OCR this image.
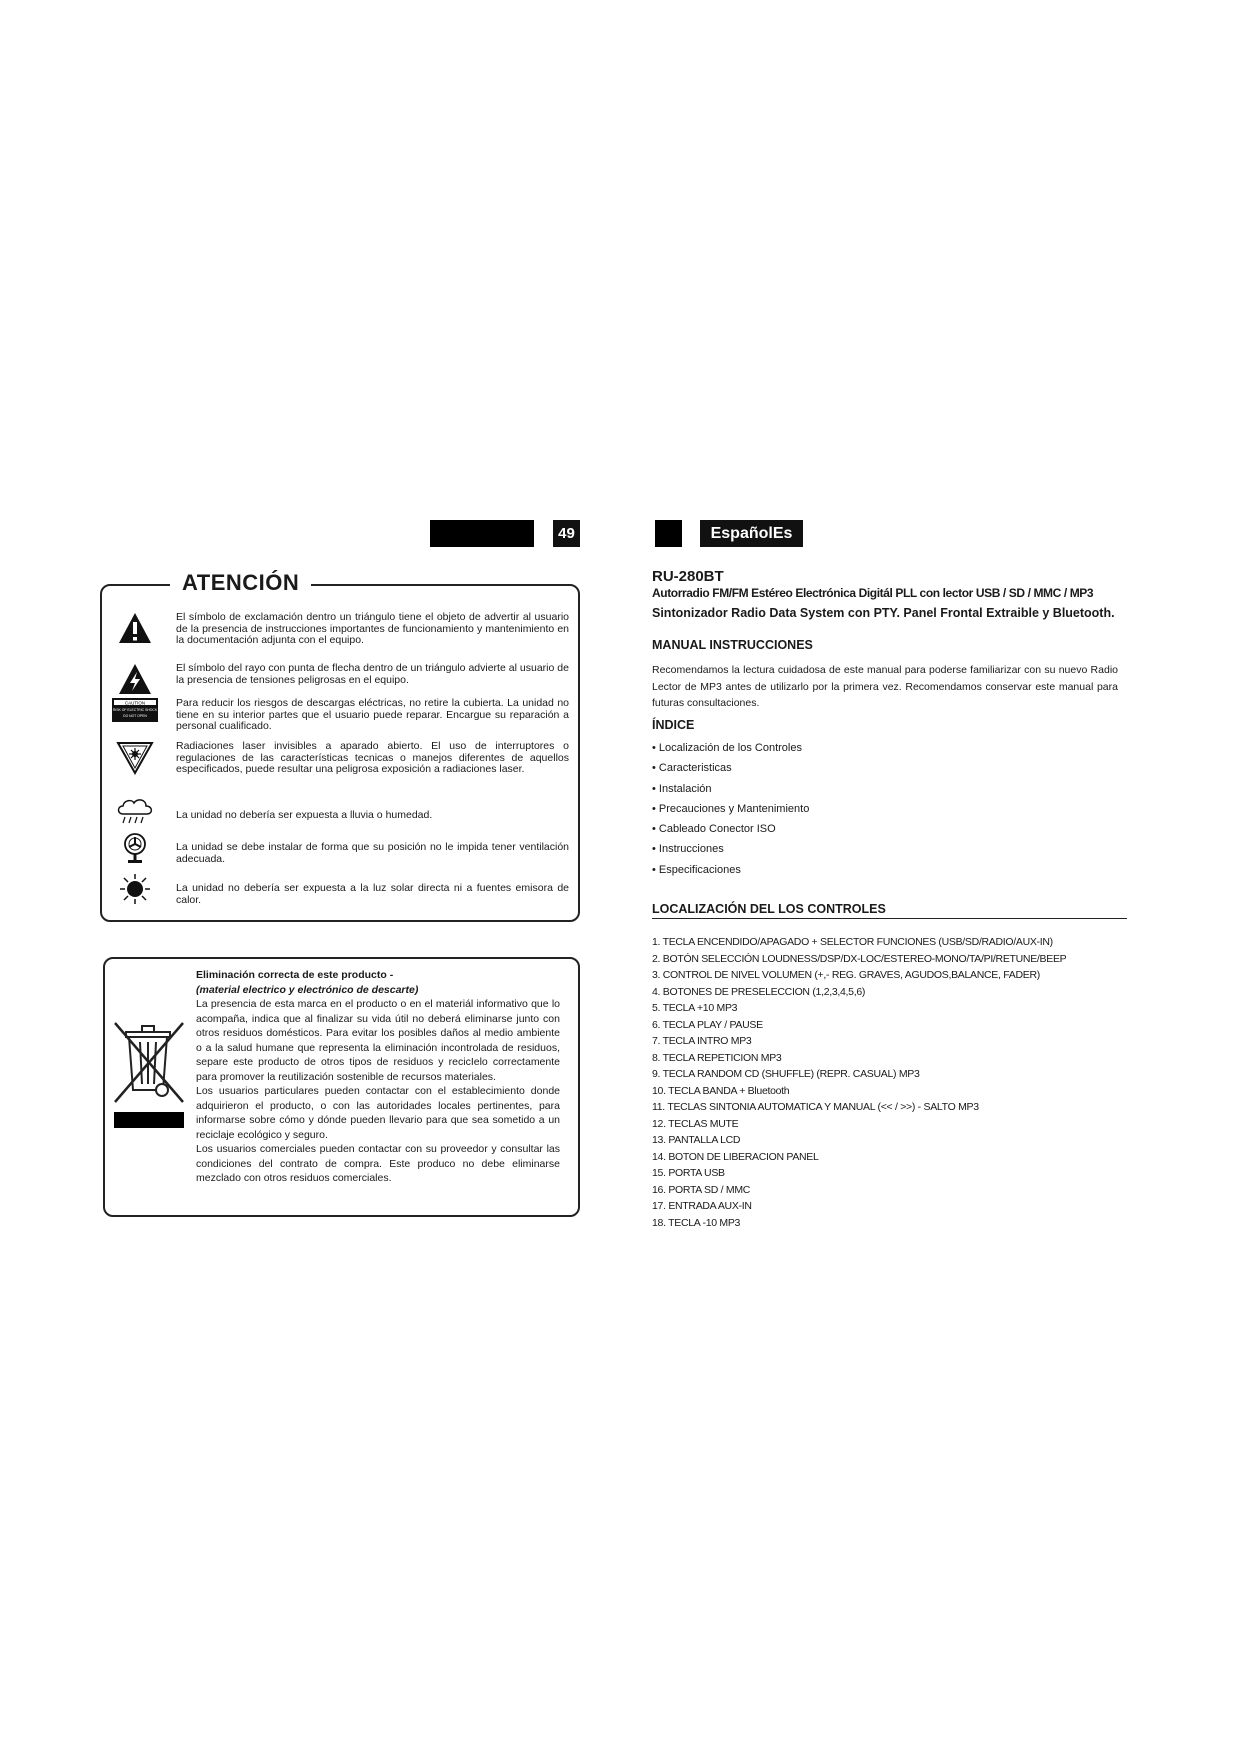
49	EspañolEs
ATENCIÓN
El símbolo de exclamación dentro un triángulo tiene el objeto de advertir al usuario de la presencia de instrucciones importantes de funcionamiento y mantenimiento en la documentación adjunta con el equipo.
El símbolo del rayo con punta de flecha dentro de un triángulo advierte al usuario de la presencia de tensiones peligrosas en el equipo.
CAUTION
RISK OF ELECTRIC SHOCK
DO NOT OPEN
Para reducir los riesgos de descargas eléctricas, no retire la cubierta. La unidad no tiene en su interior partes que el usuario puede reparar. Encargue su reparación a personal cualificado.
Radiaciones laser invisibles a aparado abierto. El uso de interruptores o regulaciones de las características tecnicas o manejos diferentes de aquellos especificados, puede resultar una peligrosa exposición a radiaciones laser.
La unidad no debería ser expuesta a lluvia o humedad.
La unidad se debe instalar de forma que su posición no le impida tener ventilación adecuada.
La unidad no debería ser expuesta a la luz solar directa ni a fuentes emisora de calor.
Eliminación correcta de este producto -
(material electrico y electrónico de descarte)
La presencia de esta marca en el producto o en el materiál informativo que lo acompaña, indica que al finalizar su vida útil no deberá eliminarse junto con otros residuos domésticos. Para evitar los posibles daños al medio ambiente o a la salud humane que representa la eliminación incontrolada de residuos, separe este producto de otros tipos de residuos y recicIelo correctamente para promover la reutilización sostenible de recursos materiales.
Los usuarios particulares pueden contactar con el establecimiento donde adquirieron el producto, o con las autoridades locales pertinentes, para informarse sobre cómo y dónde pueden llevario para que sea sometido a un reciclaje ecológico y seguro.
Los usuarios comerciales pueden contactar con su proveedor y consultar las condiciones del contrato de compra. Este produco no debe eliminarse mezclado con otros residuos comerciales.
RU-280BT
Autorradio FM/FM Estéreo Electrónica Digitál PLL con lector USB / SD / MMC / MP3
Sintonizador Radio Data System con PTY. Panel Frontal Extraible y Bluetooth.
MANUAL INSTRUCCIONES
Recomendamos la lectura cuidadosa de este manual para poderse familiarizar con su nuevo Radio Lector de MP3 antes de utilizarlo por la primera vez. Recomendamos conservar este manual para futuras consultaciones.
ÍNDICE
• Localización de los Controles
• Caracteristicas
• Instalación
• Precauciones y Mantenimiento
• Cableado Conector ISO
• Instrucciones
• Especificaciones
LOCALIZACIÓN DEL LOS CONTROLES
1. TECLA ENCENDIDO/APAGADO + SELECTOR FUNCIONES (USB/SD/RADIO/AUX-IN)
2. BOTÓN SELECCIÓN LOUDNESS/DSP/DX-LOC/ESTEREO-MONO/TA/PI/RETUNE/BEEP
3. CONTROL DE NIVEL VOLUMEN (+,- REG. GRAVES, AGUDOS,BALANCE, FADER)
4. BOTONES DE PRESELECCION (1,2,3,4,5,6)
5. TECLA +10 MP3
6. TECLA PLAY / PAUSE
7. TECLA INTRO MP3
8. TECLA REPETICION MP3
9. TECLA RANDOM CD (SHUFFLE) (REPR. CASUAL) MP3
10. TECLA BANDA + Bluetooth
11. TECLAS SINTONIA AUTOMATICA Y MANUAL (<< / >>) - SALTO MP3
12. TECLAS MUTE
13. PANTALLA LCD
14. BOTON DE LIBERACION PANEL
15. PORTA USB
16. PORTA SD / MMC
17. ENTRADA AUX-IN
18. TECLA -10 MP3
